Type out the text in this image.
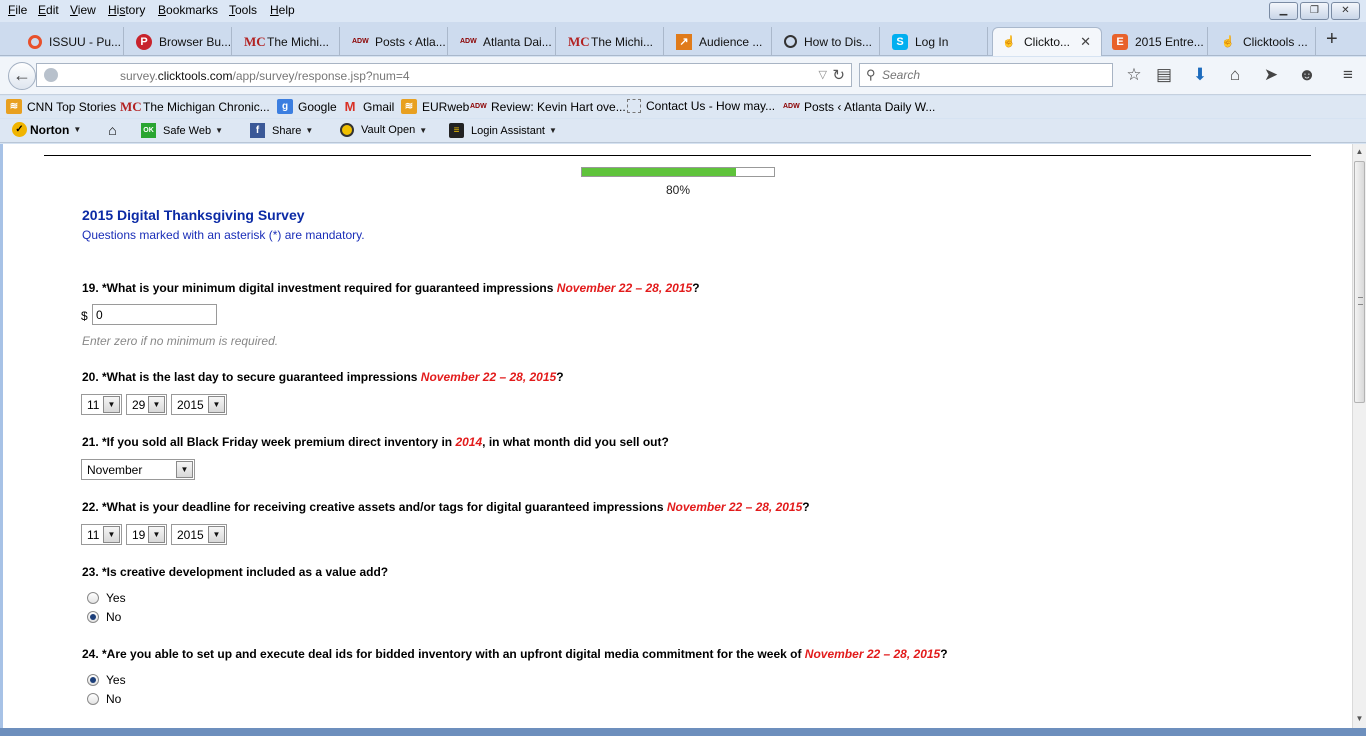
File Edit View History Bookmarks Tools Help	▁	❐	✕
ISSUU - Pu...	P Browser Bu... MC The Michi...	ADW Posts ‹ Atla... ADW Atlanta Dai... MC The Michi...	↗ Audience ...	How to Dis...	S Log In	☝ Clickto... ✕	E 2015 Entre... ☝ Clicktools ... +
←	survey.clicktools.com/app/survey/response.jsp?num=4	▽ ↻ ⚲
Search	☆ ▤ ⬇	⌂	➤ ☻	≡
≋ CNN Top Stories MC The Michigan Chronic...	g Google M Gmail	≋ EURweb ADW Review: Kevin Hart ove... Contact Us - How may... ADW Posts ‹ Atlanta Daily W...
✓ Norton ▼ ⌂	OK Safe Web ▼	f	Share ▼	Vault Open ▼	≡	Login Assistant ▼
80%
2015 Digital Thanksgiving Survey
Questions marked with an asterisk (*) are mandatory.
19. *What is your minimum digital investment required for guaranteed impressions November 22 – 28, 2015?
$
0
Enter zero if no minimum is required.
20. *What is the last day to secure guaranteed impressions November 22 – 28, 2015?
11	▼	29 ▼	2015	▼
21. *If you sold all Black Friday week premium direct inventory in 2014, in what month did you sell out?
November	▼
22. *What is your deadline for receiving creative assets and/or tags for digital guaranteed impressions November 22 – 28, 2015?
11	▼	19 ▼	2015	▼
23. *Is creative development included as a value add?
Yes
No
24. *Are you able to set up and execute deal ids for bidded inventory with an upfront digital media commitment for the week of November 22 – 28, 2015?
Yes
No
▲
▼
